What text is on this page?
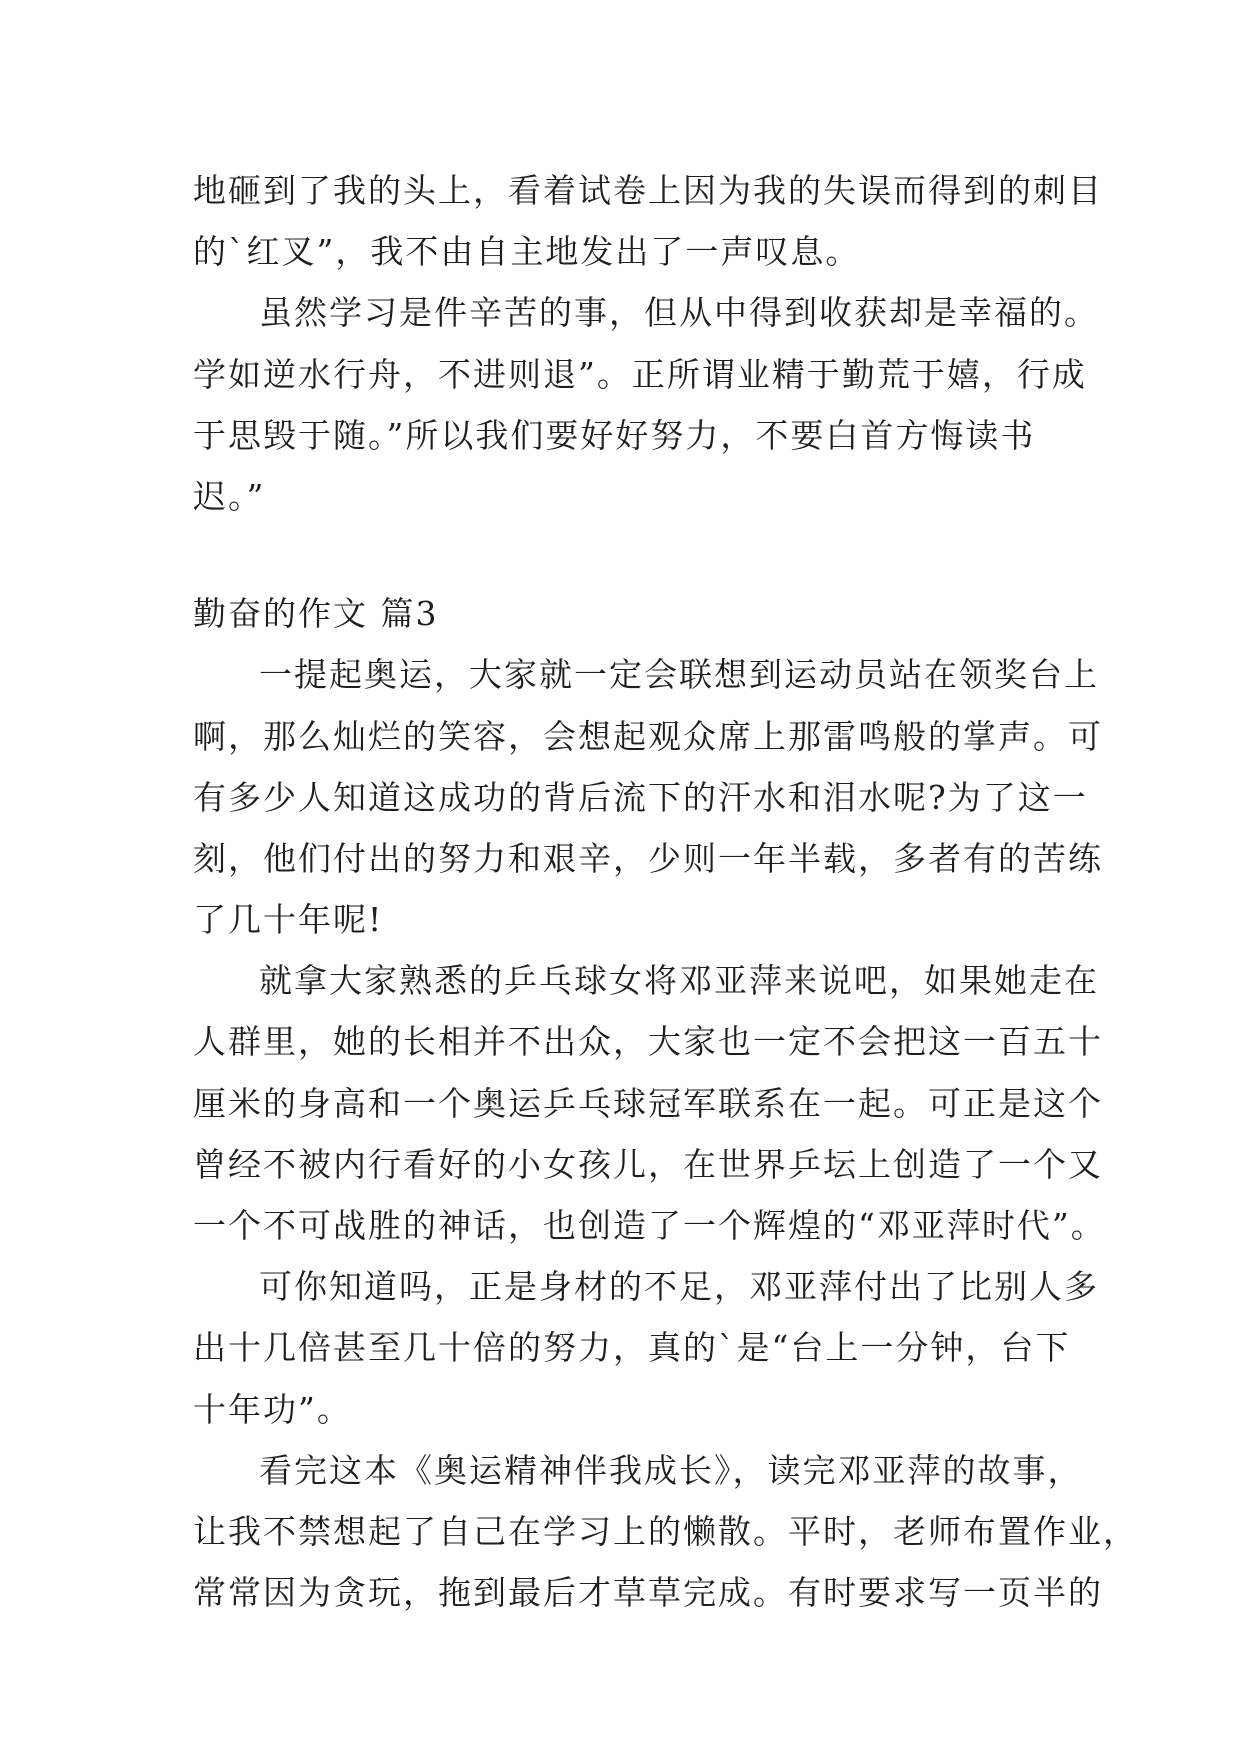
地砸到了我的头上，看着试卷上因为我的失误而得到的刺目
的`红叉”，我不由自主地发出了一声叹息。
虽然学习是件辛苦的事，但从中得到收获却是幸福的。
学如逆水行舟，不进则退”。正所谓业精于勤荒于嬉，行成
于思毁于随。”所以我们要好好努力，不要白首方悔读书
迟。”
勤奋的作文 篇3
一提起奥运，大家就一定会联想到运动员站在领奖台上
啊，那么灿烂的笑容，会想起观众席上那雷鸣般的掌声。可
有多少人知道这成功的背后流下的汗水和泪水呢?为了这一
刻，他们付出的努力和艰辛，少则一年半载，多者有的苦练
了几十年呢!
就拿大家熟悉的乒乓球女将邓亚萍来说吧，如果她走在
人群里，她的长相并不出众，大家也一定不会把这一百五十
厘米的身高和一个奥运乒乓球冠军联系在一起。可正是这个
曾经不被内行看好的小女孩儿，在世界乒坛上创造了一个又
一个不可战胜的神话，也创造了一个辉煌的“邓亚萍时代”。
可你知道吗，正是身材的不足，邓亚萍付出了比别人多
出十几倍甚至几十倍的努力，真的`是“台上一分钟，台下
十年功”。
看完这本《奥运精神伴我成长》，读完邓亚萍的故事，
让我不禁想起了自己在学习上的懒散。平时，老师布置作业，
常常因为贪玩，拖到最后才草草完成。有时要求写一页半的
